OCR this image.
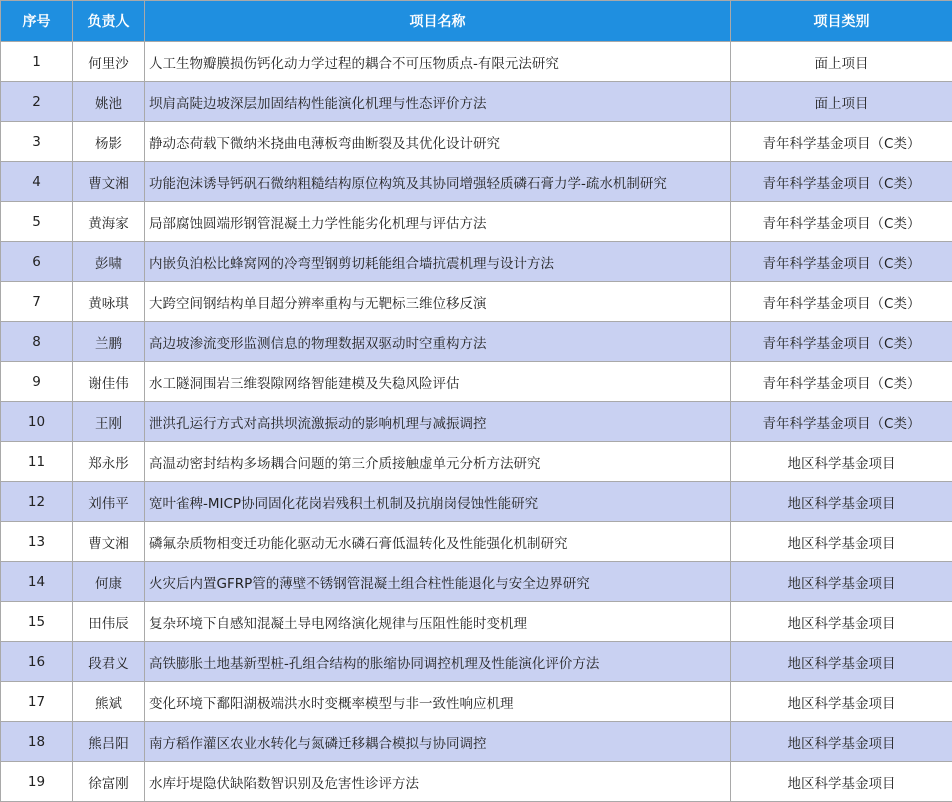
序号	负责人	项目名称	项目类别
1	何里沙	人工生物瓣膜损伤钙化动力学过程的耦合不可压物质点-有限元法研究	面上项目
2	姚池	坝肩高陡边坡深层加固结构性能演化机理与性态评价方法	面上项目
3	杨影	静动态荷载下微纳米挠曲电薄板弯曲断裂及其优化设计研究	青年科学基金项目（C类）
4	曹文湘	功能泡沫诱导钙矾石微纳粗糙结构原位构筑及其协同增强轻质磷石膏力学-疏水机制研究	青年科学基金项目（C类）
5	黄海家	局部腐蚀圆端形钢管混凝土力学性能劣化机理与评估方法	青年科学基金项目（C类）
6	彭啸	内嵌负泊松比蜂窝网的冷弯型钢剪切耗能组合墙抗震机理与设计方法	青年科学基金项目（C类）
7	黄咏琪	大跨空间钢结构单目超分辨率重构与无靶标三维位移反演	青年科学基金项目（C类）
8	兰鹏	高边坡渗流变形监测信息的物理数据双驱动时空重构方法	青年科学基金项目（C类）
9	谢佳伟	水工隧洞围岩三维裂隙网络智能建模及失稳风险评估	青年科学基金项目（C类）
10	王刚	泄洪孔运行方式对高拱坝流激振动的影响机理与减振调控	青年科学基金项目（C类）
11	郑永彤	高温动密封结构多场耦合问题的第三介质接触虚单元分析方法研究	地区科学基金项目
12	刘伟平	宽叶雀稗-MICP协同固化花岗岩残积土机制及抗崩岗侵蚀性能研究	地区科学基金项目
13	曹文湘	磷氟杂质物相变迁功能化驱动无水磷石膏低温转化及性能强化机制研究	地区科学基金项目
14	何康	火灾后内置GFRP管的薄壁不锈钢管混凝土组合柱性能退化与安全边界研究	地区科学基金项目
15	田伟辰	复杂环境下自感知混凝土导电网络演化规律与压阻性能时变机理	地区科学基金项目
16	段君义	高铁膨胀土地基新型桩-孔组合结构的胀缩协同调控机理及性能演化评价方法	地区科学基金项目
17	熊斌	变化环境下鄱阳湖极端洪水时变概率模型与非一致性响应机理	地区科学基金项目
18	熊吕阳	南方稻作灌区农业水转化与氮磷迁移耦合模拟与协同调控	地区科学基金项目
19	徐富刚	水库圩堤隐伏缺陷数智识别及危害性诊评方法	地区科学基金项目
